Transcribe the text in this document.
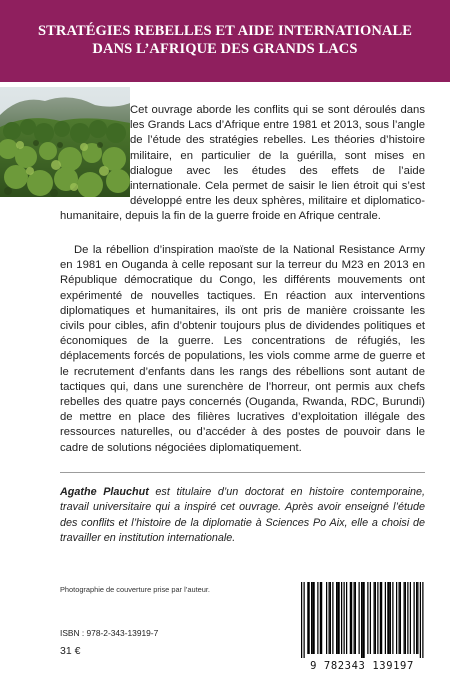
STRATÉGIES REBELLES ET AIDE INTERNATIONALE
DANS L’AFRIQUE DES GRANDS LACS

Cet ouvrage aborde les conflits qui se sont déroulés dans les Grands Lacs d’Afrique entre 1981 et 2013, sous l’angle de l’étude des stratégies rebelles. Les théories d’histoire militaire, en particulier de la guérilla, sont mises en dialogue avec les études des effets de l’aide internationale. Cela permet de saisir le lien étroit qui s’est développé entre les deux sphères, militaire et diplomatico-humanitaire, depuis la fin de la guerre froide en Afrique centrale.

De la rébellion d’inspiration maoïste de la National Resistance Army en 1981 en Ouganda à celle reposant sur la terreur du M23 en 2013 en République démocratique du Congo, les différents mouvements ont expérimenté de nouvelles tactiques. En réaction aux interventions diplomatiques et humanitaires, ils ont pris de manière croissante les civils pour cibles, afin d’obtenir toujours plus de dividendes politiques et économiques de la guerre. Les concentrations de réfugiés, les déplacements forcés de populations, les viols comme arme de guerre et le recrutement d’enfants dans les rangs des rébellions sont autant de tactiques qui, dans une surenchère de l’horreur, ont permis aux chefs rebelles des quatre pays concernés (Ouganda, Rwanda, RDC, Burundi) de mettre en place des filières lucratives d’exploitation illégale des ressources naturelles, ou d’accéder à des postes de pouvoir dans le cadre de solutions négociées diplomatiquement.

Agathe Plauchut est titulaire d’un doctorat en histoire contemporaine, travail universitaire qui a inspiré cet ouvrage. Après avoir enseigné l’étude des conflits et l’histoire de la diplomatie à Sciences Po Aix, elle a choisi de travailler en institution internationale.

Photographie de couverture prise par l’auteur.
ISBN : 978-2-343-13919-7
31 €
9 782343 139197
